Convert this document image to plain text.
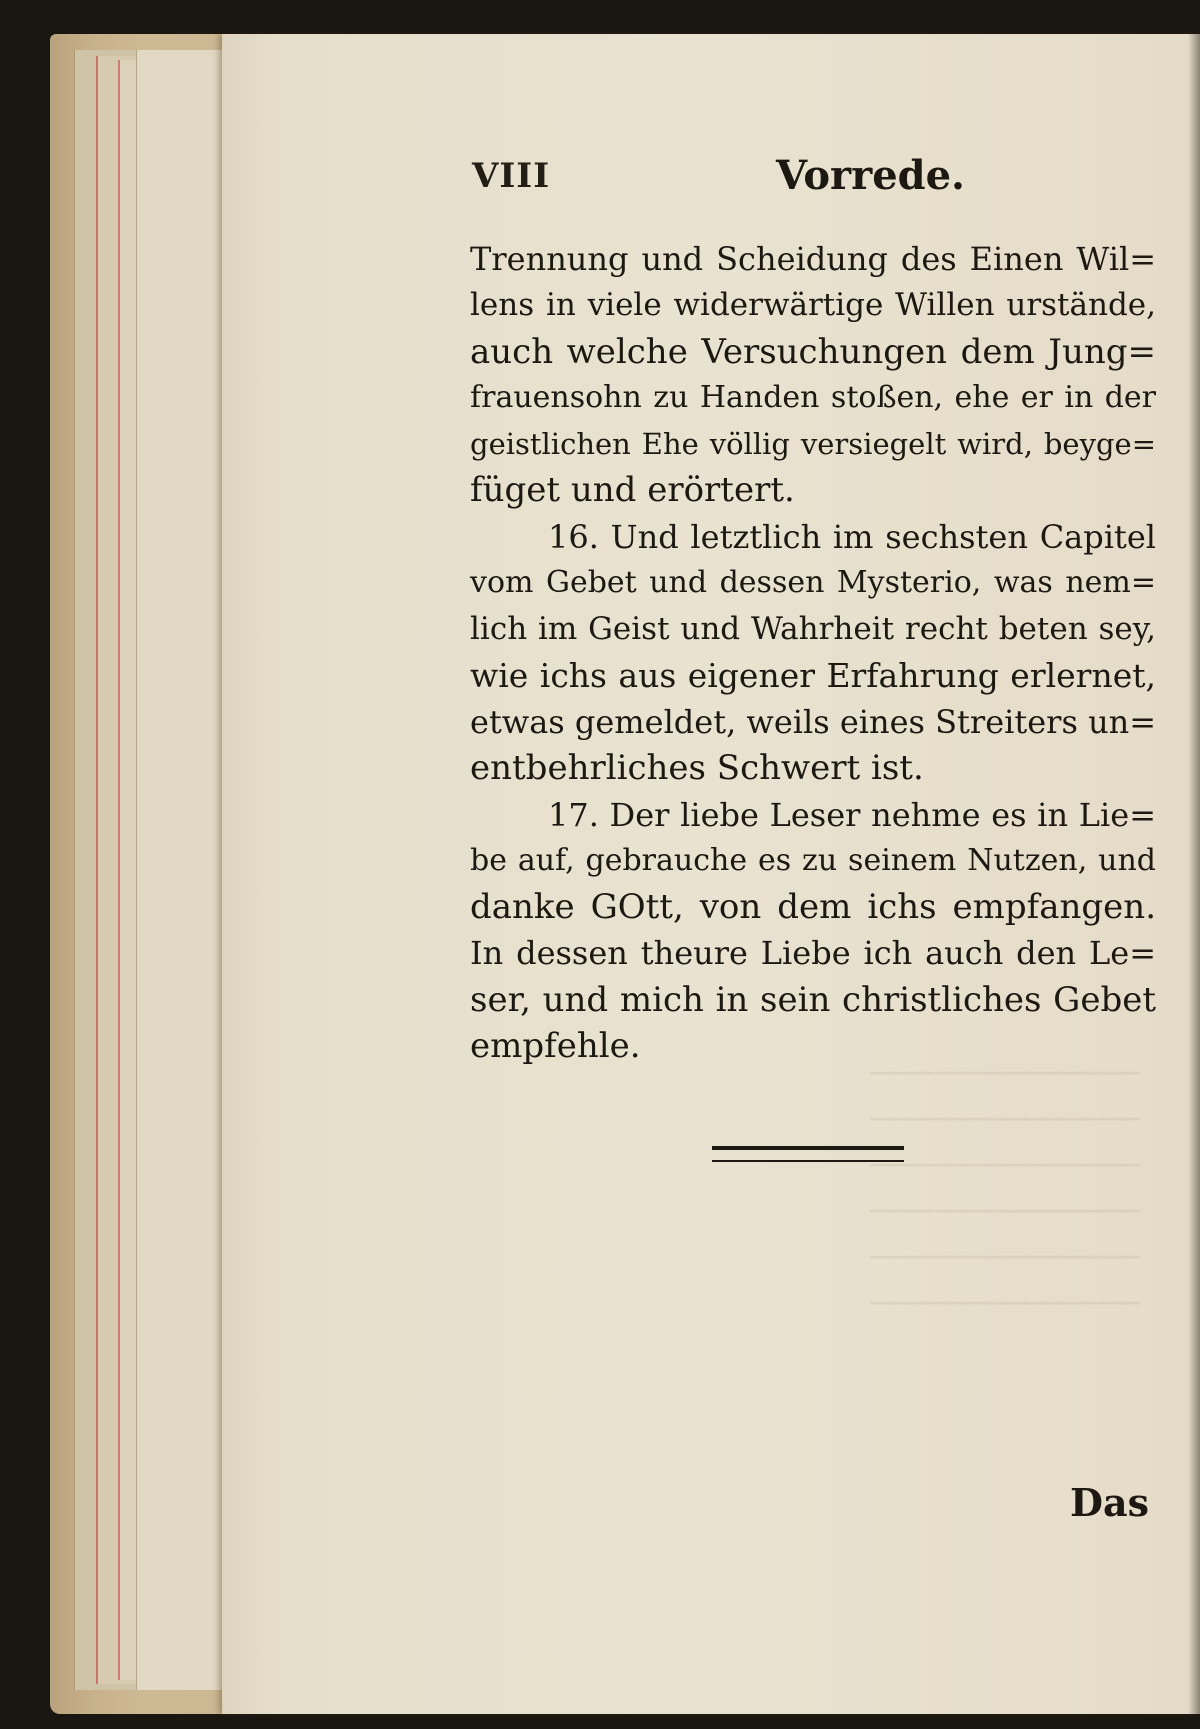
VIII	Vorrede.
Trennung und Scheidung des Einen Wil=
lens in viele widerwärtige Willen urstände,
auch welche Versuchungen dem Jung=
frauensohn zu Handen stoßen, ehe er in der
geistlichen Ehe völlig versiegelt wird, beyge=
füget und erörtert.
16. Und letztlich im sechsten Capitel
vom Gebet und dessen Mysterio, was nem=
lich im Geist und Wahrheit recht beten sey,
wie ichs aus eigener Erfahrung erlernet,
etwas gemeldet, weils eines Streiters un=
entbehrliches Schwert ist.
17. Der liebe Leser nehme es in Lie=
be auf, gebrauche es zu seinem Nutzen, und
danke GOtt, von dem ichs empfangen.
In dessen theure Liebe ich auch den Le=
ser, und mich in sein christliches Gebet
empfehle.
Das
